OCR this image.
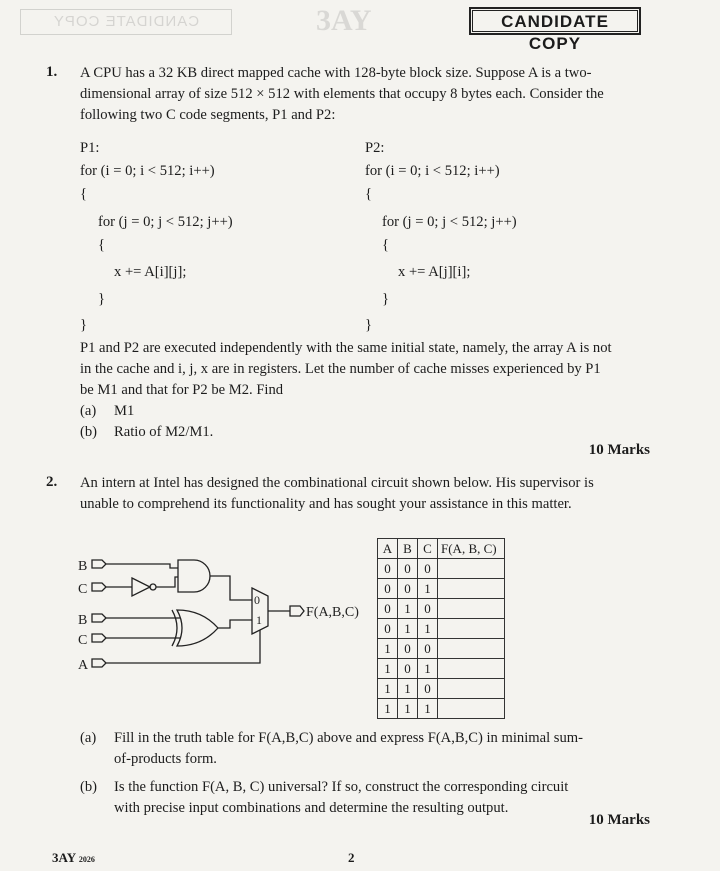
CANDIDATE COPY	3AY	CANDIDATE COPY
1. A CPU has a 32 KB direct mapped cache with 128-byte block size. Suppose A is a two-
dimensional array of size 512 × 512 with elements that occupy 8 bytes each. Consider the
following two C code segments, P1 and P2:
P1:
for (i = 0; i < 512; i++)
{
for (j = 0; j < 512; j++)
{
x += A[i][j];
}
}
P2:
for (i = 0; i < 512; i++)
{
for (j = 0; j < 512; j++)
{
x += A[j][i];
}
}
P1 and P2 are executed independently with the same initial state, namely, the array A is not
in the cache and i, j, x are in registers. Let the number of cache misses experienced by P1
be M1 and that for P2 be M2. Find
(a) M1
(b) Ratio of M2/M1.
10 Marks
2. An intern at Intel has designed the combinational circuit shown below. His supervisor is
unable to comprehend its functionality and has sought your assistance in this matter.
B
C
B
C
A
0
1	F(A,B,C)
A	B	C	F(A, B, C)
0	0	0	
0	0	1	
0	1	0	
0	1	1	
1	0	0	
1	0	1	
1	1	0	
1	1	1	
(a) Fill in the truth table for F(A,B,C) above and express F(A,B,C) in minimal sum-
of-products form.
(b) Is the function F(A, B, C) universal? If so, construct the corresponding circuit
with precise input combinations and determine the resulting output.
10 Marks
3AY 2026	2
